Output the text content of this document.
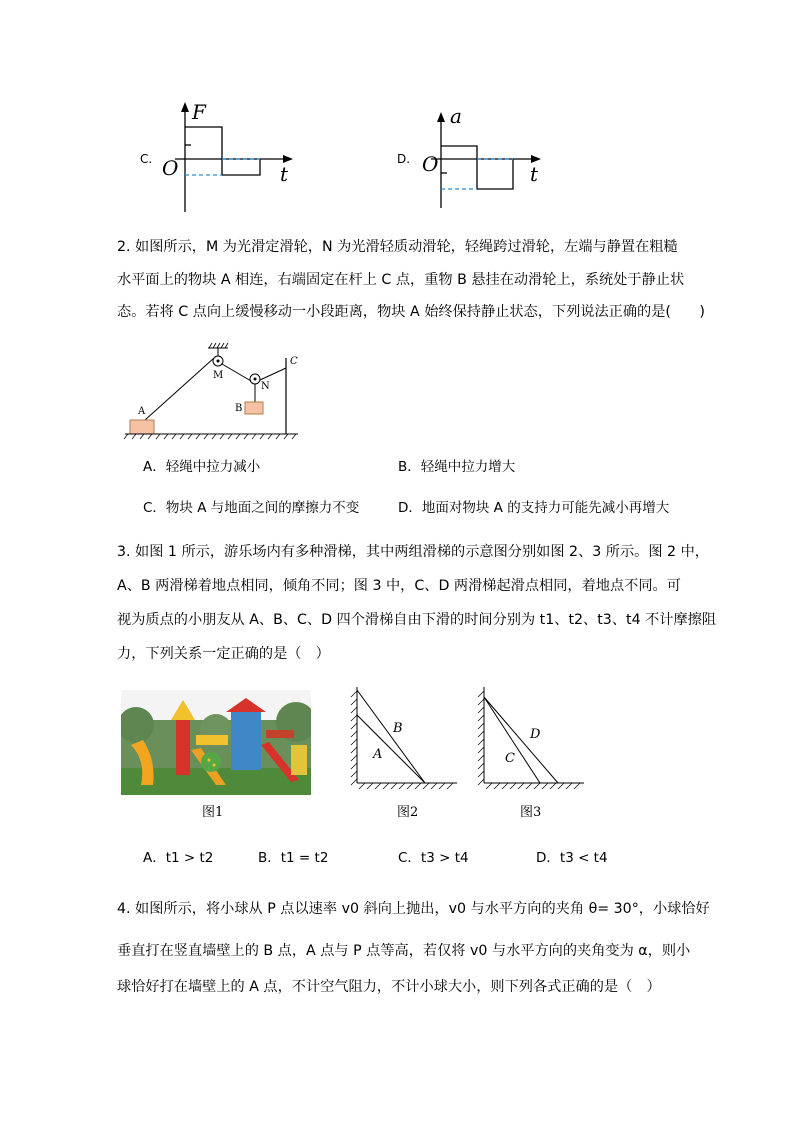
C.
F
O	t
D.
a
O	t
2. 如图所示，M 为光滑定滑轮，N 为光滑轻质动滑轮，轻绳跨过滑轮，左端与静置在粗糙
水平面上的物块 A 相连，右端固定在杆上 C 点，重物 B 悬挂在动滑轮上，系统处于静止状
态。若将 C 点向上缓慢移动一小段距离，物块 A 始终保持静止状态，下列说法正确的是(　　)
A
M
N
B
C
A．轻绳中拉力减小	B．轻绳中拉力增大
C．物块 A 与地面之间的摩擦力不变	D．地面对物块 A 的支持力可能先减小再增大
3. 如图 1 所示，游乐场内有多种滑梯，其中两组滑梯的示意图分别如图 2、3 所示。图 2 中，
A、B 两滑梯着地点相同，倾角不同；图 3 中，C、D 两滑梯起滑点相同，着地点不同。可
视为质点的小朋友从 A、B、C、D 四个滑梯自由下滑的时间分别为 t1、t2、t3、t4 不计摩擦阻
力，下列关系一定正确的是（　）
B
A
图2
图1
D
C
图3
A．t1 > t2	B．t1 = t2	C．t3 > t4	D．t3 < t4
4. 如图所示，将小球从 P 点以速率 v0 斜向上抛出，v0 与水平方向的夹角 θ= 30°，小球恰好
垂直打在竖直墙壁上的 B 点，A 点与 P 点等高，若仅将 v0 与水平方向的夹角变为 α，则小
球恰好打在墙壁上的 A 点，不计空气阻力，不计小球大小，则下列各式正确的是（　）
